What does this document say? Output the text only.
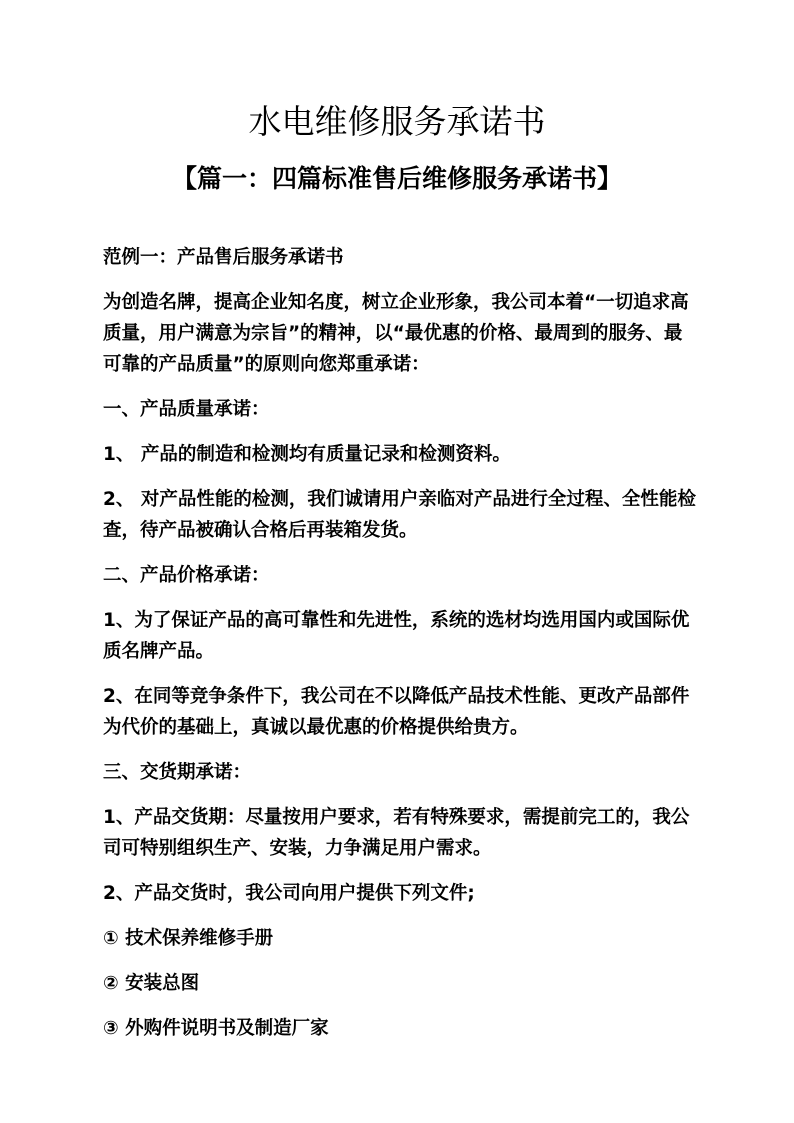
水电维修服务承诺书
【篇一：四篇标准售后维修服务承诺书】

范例一：产品售后服务承诺书

为创造名牌，提高企业知名度，树立企业形象，我公司本着“一切追求高质量，用户满意为宗旨”的精神，以“最优惠的价格、最周到的服务、最可靠的产品质量”的原则向您郑重承诺：

一、产品质量承诺：

1、 产品的制造和检测均有质量记录和检测资料。

2、 对产品性能的检测，我们诚请用户亲临对产品进行全过程、全性能检查，待产品被确认合格后再装箱发货。

二、产品价格承诺：

1、为了保证产品的高可靠性和先进性，系统的选材均选用国内或国际优质名牌产品。

2、在同等竞争条件下，我公司在不以降低产品技术性能、更改产品部件为代价的基础上，真诚以最优惠的价格提供给贵方。

三、交货期承诺：

1、产品交货期：尽量按用户要求，若有特殊要求，需提前完工的，我公司可特别组织生产、安装，力争满足用户需求。

2、产品交货时，我公司向用户提供下列文件;

① 技术保养维修手册

② 安装总图

③ 外购件说明书及制造厂家
